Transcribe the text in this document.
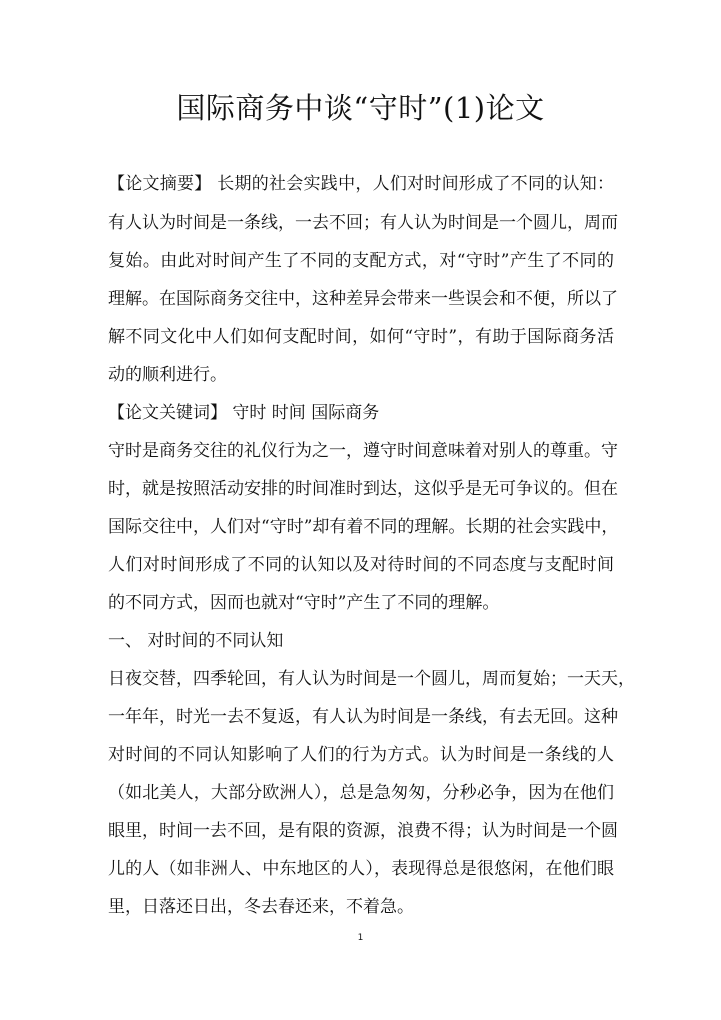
国际商务中谈“守时”(1)论文
【论文摘要】 长期的社会实践中，人们对时间形成了不同的认知：
有人认为时间是一条线，一去不回；有人认为时间是一个圆儿，周而
复始。由此对时间产生了不同的支配方式，对“守时”产生了不同的
理解。在国际商务交往中，这种差异会带来一些误会和不便，所以了
解不同文化中人们如何支配时间，如何“守时”，有助于国际商务活
动的顺利进行。
【论文关键词】 守时 时间 国际商务
守时是商务交往的礼仪行为之一，遵守时间意味着对别人的尊重。守
时，就是按照活动安排的时间准时到达，这似乎是无可争议的。但在
国际交往中，人们对“守时”却有着不同的理解。长期的社会实践中，
人们对时间形成了不同的认知以及对待时间的不同态度与支配时间
的不同方式，因而也就对“守时”产生了不同的理解。
一、 对时间的不同认知
日夜交替，四季轮回，有人认为时间是一个圆儿，周而复始；一天天，
一年年，时光一去不复返，有人认为时间是一条线，有去无回。这种
对时间的不同认知影响了人们的行为方式。认为时间是一条线的人
（如北美人，大部分欧洲人），总是急匆匆，分秒必争，因为在他们
眼里，时间一去不回，是有限的资源，浪费不得；认为时间是一个圆
儿的人（如非洲人、中东地区的人），表现得总是很悠闲，在他们眼
里，日落还日出，冬去春还来，不着急。
1
